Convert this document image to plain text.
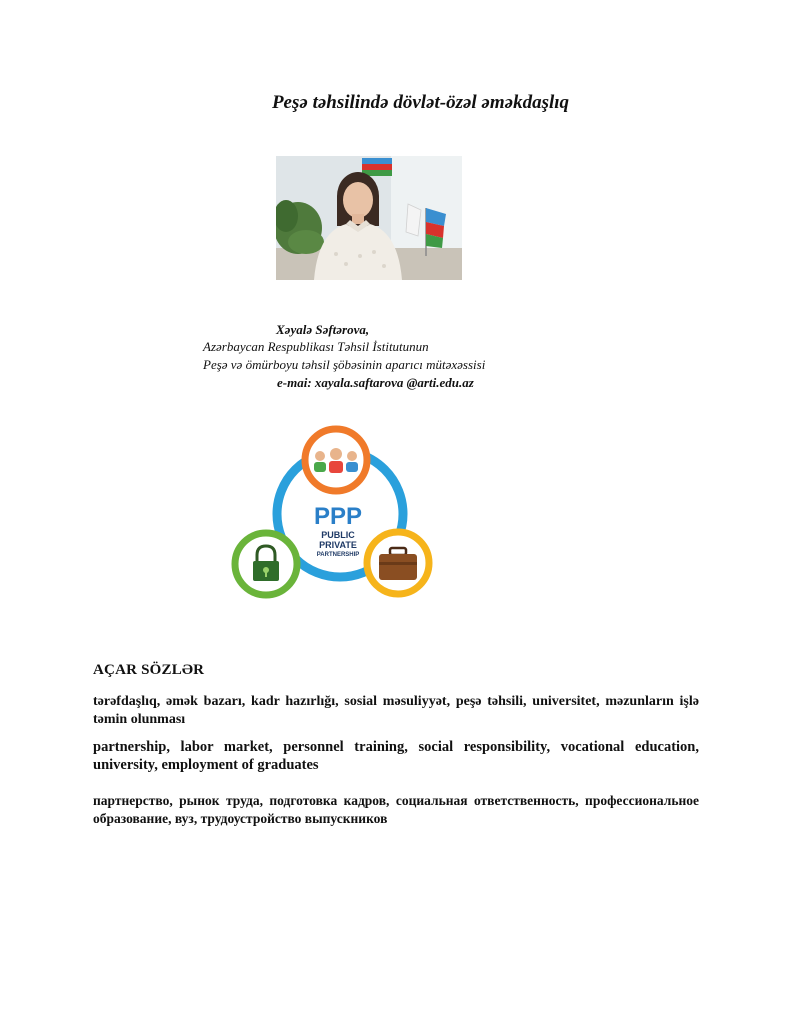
Peşə təhsilində dövlət-özəl əməkdaşlıq
Xəyalə Səftərova,
Azərbaycan Respublikası Təhsil İstitutunun
Peşə və ömürboyu təhsil şöbəsinin aparıcı mütəxəssisi
e-mai: xayala.saftarova @arti.edu.az
PPP
PUBLIC
PRIVATE
PARTNERSHIP
AÇAR SÖZLƏR

tərəfdaşlıq, əmək bazarı, kadr hazırlığı, sosial məsuliyyət, peşə təhsili, universitet, məzunların işlə təmin olunması

partnership, labor market, personnel training, social responsibility, vocational education, university, employment of graduates

партнерство, рынок труда, подготовка кадров, социальная ответственность, профессиональное образование, вуз, трудоустройство выпускников
